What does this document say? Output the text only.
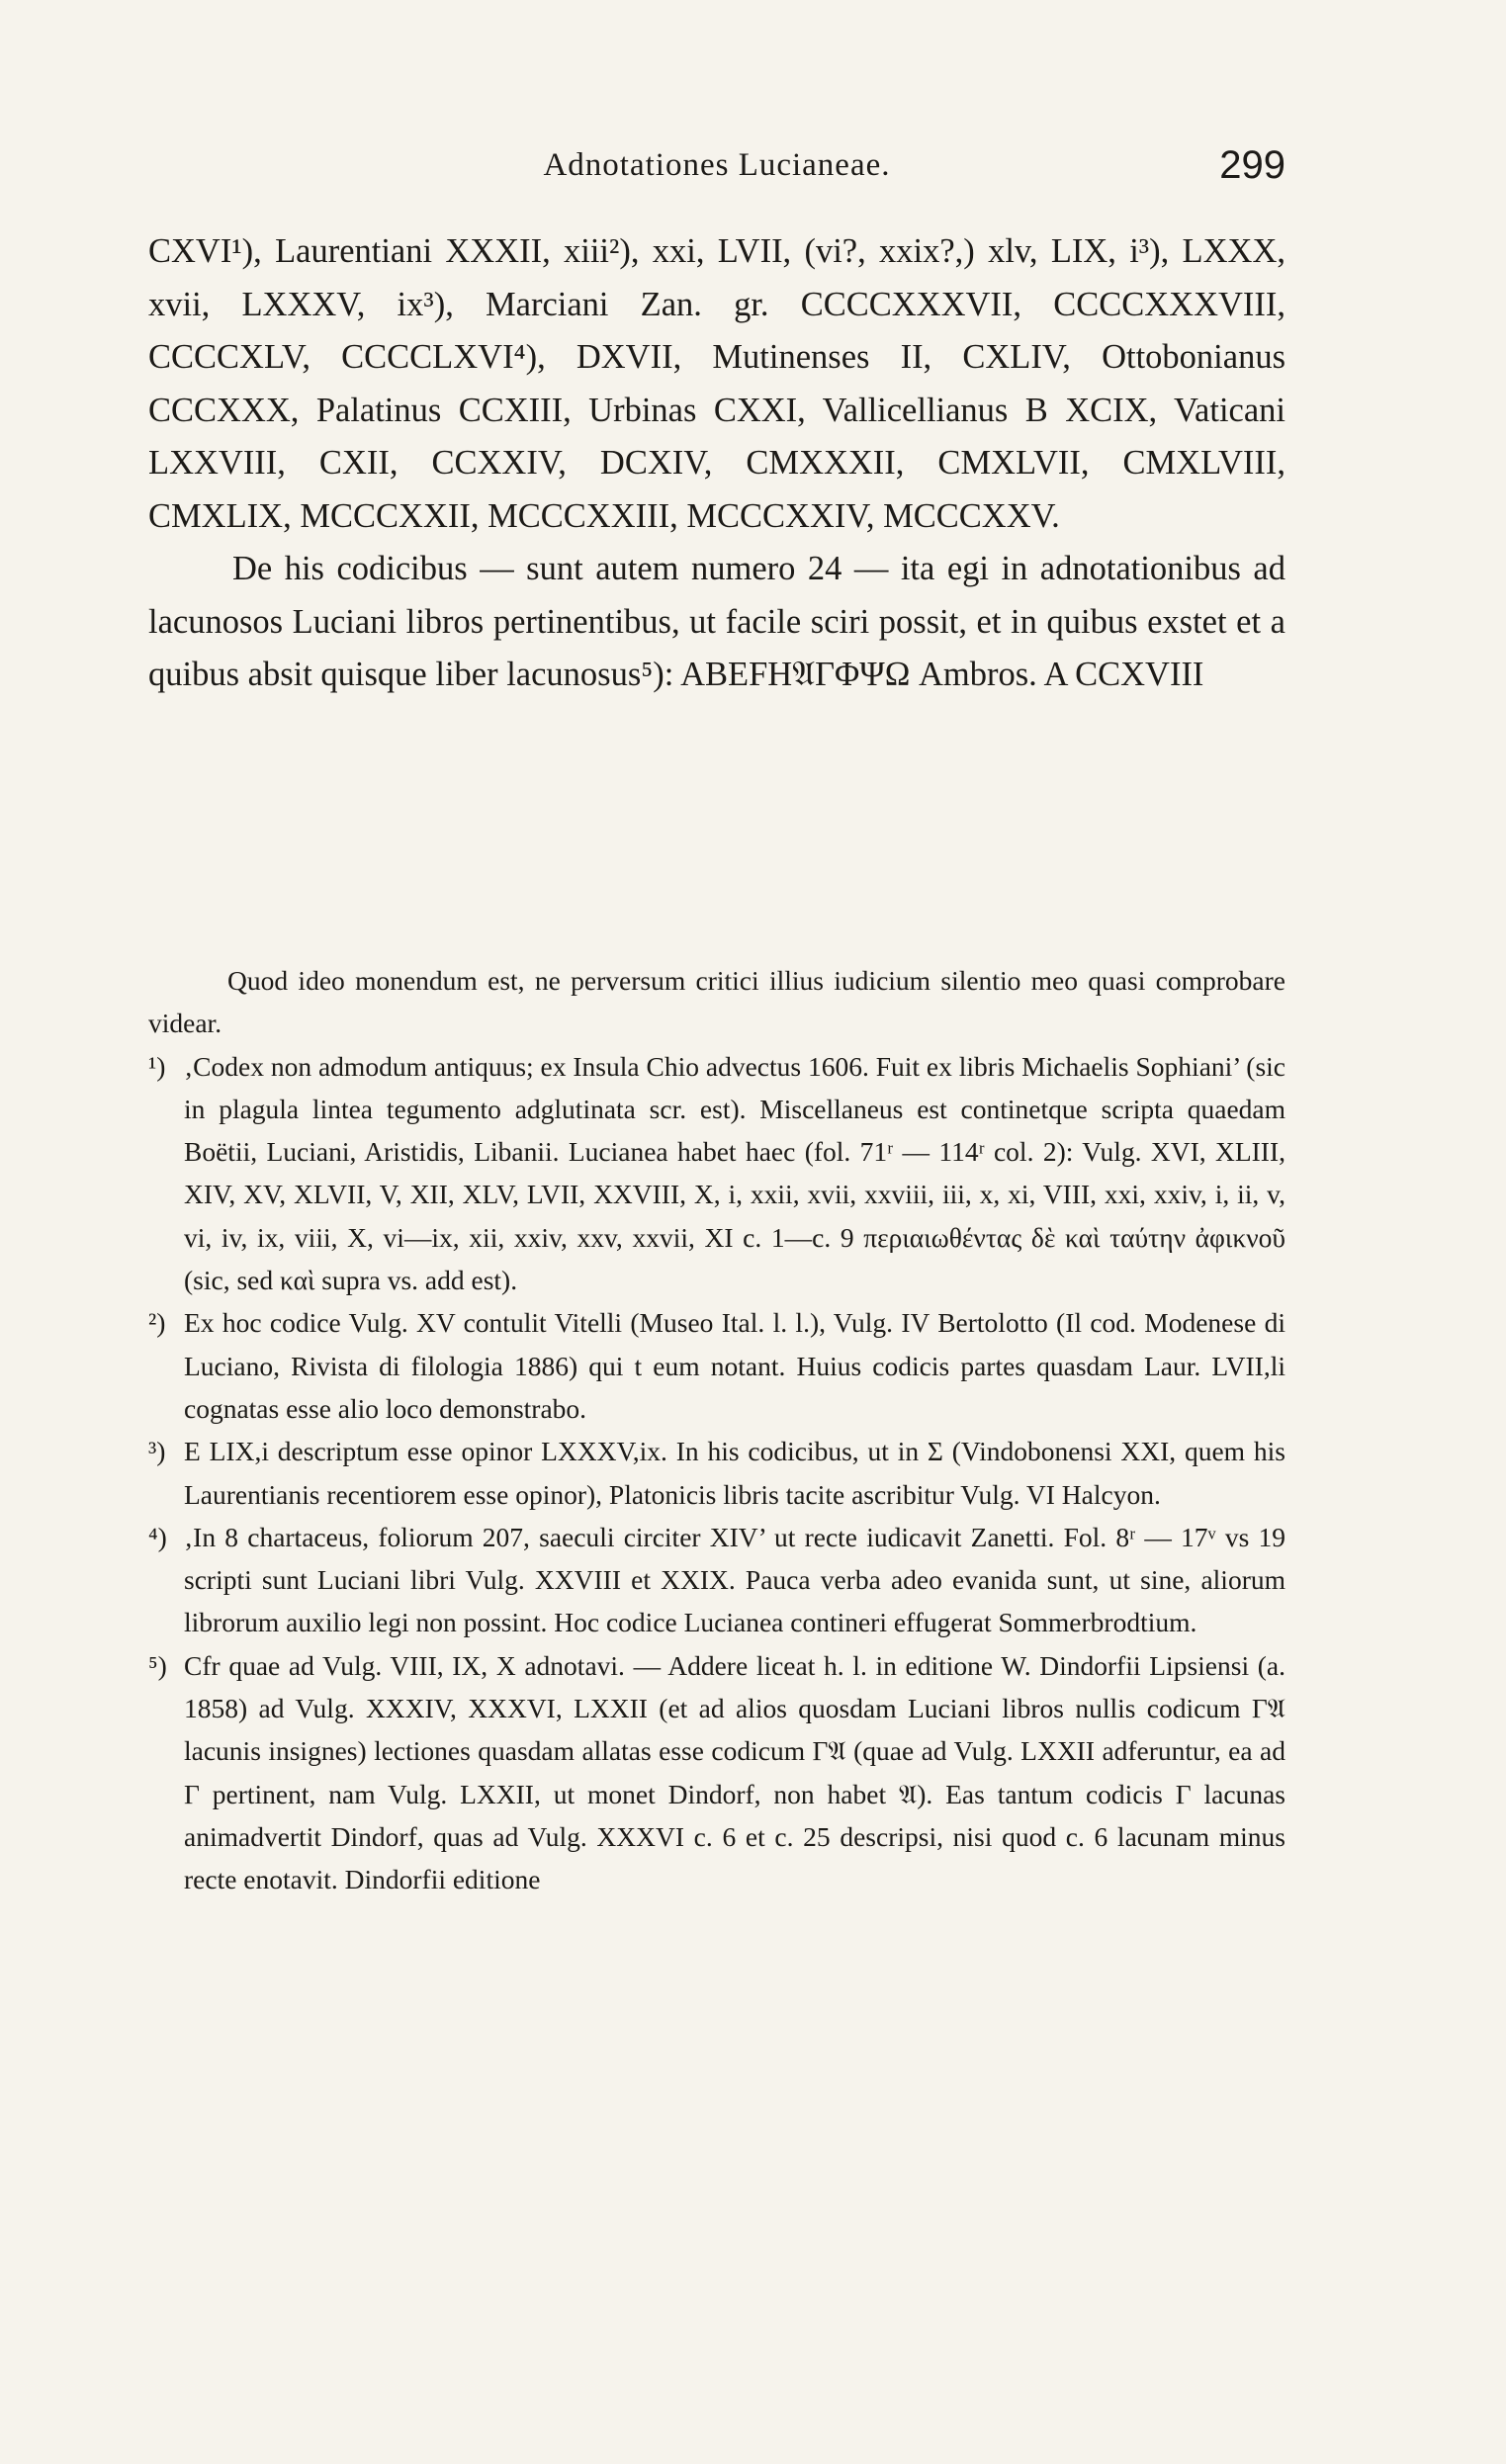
Adnotationes Lucianeae.	299

CXVI¹), Laurentiani XXXII, xiii²), xxi, LVII, (vi?, xxix?,) xlv, LIX, i³), LXXX, xvii, LXXXV, ix³), Marciani Zan. gr. CCCCXXXVII, CCCCXXXVIII, CCCCXLV, CCCCLXVI⁴), DXVII, Mutinenses II, CXLIV, Ottobonianus CCCXXX, Palatinus CCXIII, Urbinas CXXI, Vallicellianus B XCIX, Vaticani LXXVIII, CXII, CCXXIV, DCXIV, CMXXXII, CMXLVII, CMXLVIII, CMXLIX, MCCCXXII, MCCCXXIII, MCCCXXIV, MCCCXXV.

De his codicibus — sunt autem numero 24 — ita egi in adnotationibus ad lacunosos Luciani libros pertinentibus, ut facile sciri possit, et in quibus exstet et a quibus absit quisque liber lacunosus⁵): ABEFH𝔄ΓΦΨΩ Ambros. A CCXVIII

Quod ideo monendum est, ne perversum critici illius iudicium silentio meo quasi comprobare videar.

¹) ‚Codex non admodum antiquus; ex Insula Chio advectus 1606. Fuit ex libris Michaelis Sophiani’ (sic in plagula lintea tegumento adglutinata scr. est). Miscellaneus est continetque scripta quaedam Boëtii, Luciani, Aristidis, Libanii. Lucianea habet haec (fol. 71ʳ — 114ʳ col. 2): Vulg. XVI, XLIII, XIV, XV, XLVII, V, XII, XLV, LVII, XXVIII, X, i, xxii, xvii, xxviii, iii, x, xi, VIII, xxi, xxiv, i, ii, v, vi, iv, ix, viii, X, vi—ix, xii, xxiv, xxv, xxvii, XI c. 1—c. 9 περιαιωθέντας δὲ καὶ ταύτην ἀφικνοῦ (sic, sed καὶ supra vs. add est).

²) Ex hoc codice Vulg. XV contulit Vitelli (Museo Ital. l. l.), Vulg. IV Bertolotto (Il cod. Modenese di Luciano, Rivista di filologia 1886) qui t eum notant. Huius codicis partes quasdam Laur. LVII,li cognatas esse alio loco demonstrabo.

³) E LIX,i descriptum esse opinor LXXXV,ix. In his codicibus, ut in Σ (Vindobonensi XXI, quem his Laurentianis recentiorem esse opinor), Platonicis libris tacite ascribitur Vulg. VI Halcyon.

⁴) ‚In 8 chartaceus, foliorum 207, saeculi circiter XIV’ ut recte iudicavit Zanetti. Fol. 8ʳ — 17ᵛ vs 19 scripti sunt Luciani libri Vulg. XXVIII et XXIX. Pauca verba adeo evanida sunt, ut sine, aliorum librorum auxilio legi non possint. Hoc codice Lucianea contineri effugerat Sommerbrodtium.

⁵) Cfr quae ad Vulg. VIII, IX, X adnotavi. — Addere liceat h. l. in editione W. Dindorfii Lipsiensi (a. 1858) ad Vulg. XXXIV, XXXVI, LXXII (et ad alios quosdam Luciani libros nullis codicum Γ𝔄 lacunis insignes) lectiones quasdam allatas esse codicum Γ𝔄 (quae ad Vulg. LXXII adferuntur, ea ad Γ pertinent, nam Vulg. LXXII, ut monet Dindorf, non habet 𝔄). Eas tantum codicis Γ lacunas animadvertit Dindorf, quas ad Vulg. XXXVI c. 6 et c. 25 descripsi, nisi quod c. 6 lacunam minus recte enotavit. Dindorfii editione
